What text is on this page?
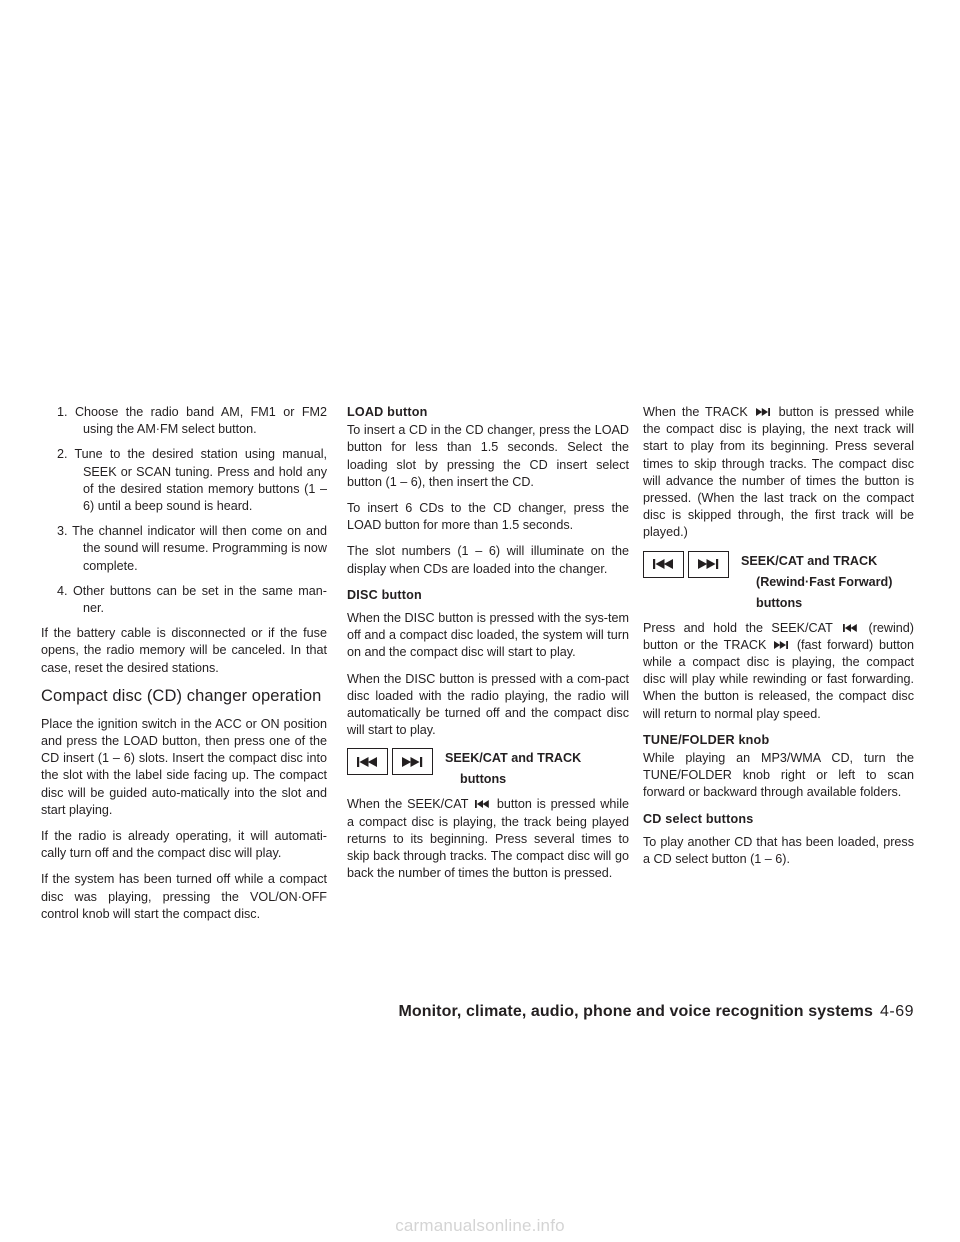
1. Choose the radio band AM, FM1 or FM2 using the AM·FM select button.
2. Tune to the desired station using manual, SEEK or SCAN tuning. Press and hold any of the desired station memory buttons (1 – 6) until a beep sound is heard.
3. The channel indicator will then come on and the sound will resume. Programming is now complete.
4. Other buttons can be set in the same man-ner.

If the battery cable is disconnected or if the fuse opens, the radio memory will be canceled. In that case, reset the desired stations.

Compact disc (CD) changer operation

Place the ignition switch in the ACC or ON position and press the LOAD button, then press one of the CD insert (1 – 6) slots. Insert the compact disc into the slot with the label side facing up. The compact disc will be guided auto-matically into the slot and start playing.

If the radio is already operating, it will automati-cally turn off and the compact disc will play.

If the system has been turned off while a compact disc was playing, pressing the VOL/ON·OFF control knob will start the compact disc.

LOAD button

To insert a CD in the CD changer, press the LOAD button for less than 1.5 seconds. Select the loading slot by pressing the CD insert select button (1 – 6), then insert the CD.

To insert 6 CDs to the CD changer, press the LOAD button for more than 1.5 seconds.

The slot numbers (1 – 6) will illuminate on the display when CDs are loaded into the changer.

DISC button

When the DISC button is pressed with the sys-tem off and a compact disc loaded, the system will turn on and the compact disc will start to play.

When the DISC button is pressed with a com-pact disc loaded with the radio playing, the radio will automatically be turned off and the compact disc will start to play.

SEEK/CAT and TRACK
buttons

When the SEEK/CAT button is pressed while a compact disc is playing, the track being played returns to its beginning. Press several times to skip back through tracks. The compact disc will go back the number of times the button is pressed.

When the TRACK button is pressed while the compact disc is playing, the next track will start to play from its beginning. Press several times to skip through tracks. The compact disc will advance the number of times the button is pressed. (When the last track on the compact disc is skipped through, the first track will be played.)

SEEK/CAT and TRACK
(Rewind·Fast Forward)
buttons

Press and hold the SEEK/CAT	(rewind) button or the TRACK (fast forward) button while a compact disc is playing, the compact disc will play while rewinding or fast forwarding. When the button is released, the compact disc will return to normal play speed.

TUNE/FOLDER knob

While playing an MP3/WMA CD, turn the TUNE/FOLDER knob right or left to scan forward or backward through available folders.

CD select buttons

To play another CD that has been loaded, press a CD select button (1 – 6).

Monitor, climate, audio, phone and voice recognition systems 4-69
carmanualsonline.info
